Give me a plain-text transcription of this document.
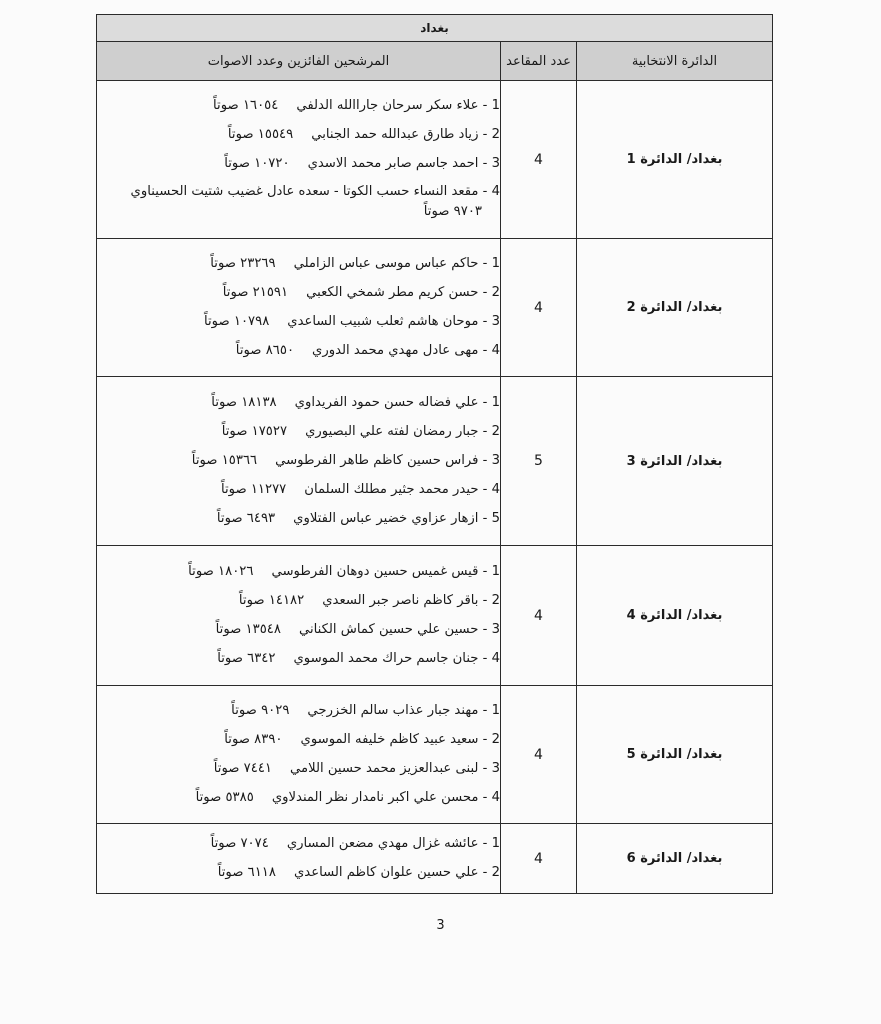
بغداد		
الدائرة الانتخابية	عدد المقاعد	المرشحين الفائزين وعدد الاصوات
بغداد/ الدائرة 1	4	1 - علاء سكر سرحان جاراالله الدلفي١٦٠٥٤ صوتاً
2 - زياد طارق عبدالله حمد الجنابي١٥٥٤٩ صوتاً
3 - احمد جاسم صابر محمد الاسدي١٠٧٢٠ صوتاً
4 - مقعد النساء حسب الكوتا - سعده عادل غضيب شتيت الحسيناوي٩٧٠٣ صوتاً

بغداد/ الدائرة 2	4	1 - حاكم عباس موسى عباس الزاملي٢٣٢٦٩ صوتاً
2 - حسن كريم مطر شمخي الكعبي٢١٥٩١ صوتاً
3 - موحان هاشم ثعلب شبيب الساعدي١٠٧٩٨ صوتاً
4 - مهى عادل مهدي محمد الدوري٨٦٥٠ صوتاً

بغداد/ الدائرة 3	5	1 - علي فضاله حسن حمود الفريداوي١٨١٣٨ صوتاً
2 - جبار رمضان لفته علي البصيوري١٧٥٢٧ صوتاً
3 - فراس حسين كاظم طاهر الفرطوسي١٥٣٦٦ صوتاً
4 - حيدر محمد جثير مطلك السلمان١١٢٧٧ صوتاً
5 - ازهار عزاوي خضير عباس الفتلاوي٦٤٩٣ صوتاً

بغداد/ الدائرة 4	4	1 - قيس غميس حسين دوهان الفرطوسي١٨٠٢٦ صوتاً
2 - باقر كاظم ناصر جبر السعدي١٤١٨٢ صوتاً
3 - حسين علي حسين كماش الكناني١٣٥٤٨ صوتاً
4 - جنان جاسم حراك محمد الموسوي٦٣٤٢ صوتاً

بغداد/ الدائرة 5	4	1 - مهند جبار عذاب سالم الخزرجي٩٠٢٩ صوتاً
2 - سعيد عبيد كاظم خليفه الموسوي٨٣٩٠ صوتاً
3 - لبنى عبدالعزيز محمد حسين اللامي٧٤٤١ صوتاً
4 - محسن علي اكبر نامدار نظر المندلاوي٥٣٨٥ صوتاً

بغداد/ الدائرة 6	4	1 - عائشه غزال مهدي مضعن المساري٧٠٧٤ صوتاً
2 - علي حسين علوان كاظم الساعدي٦١١٨ صوتاً
3
